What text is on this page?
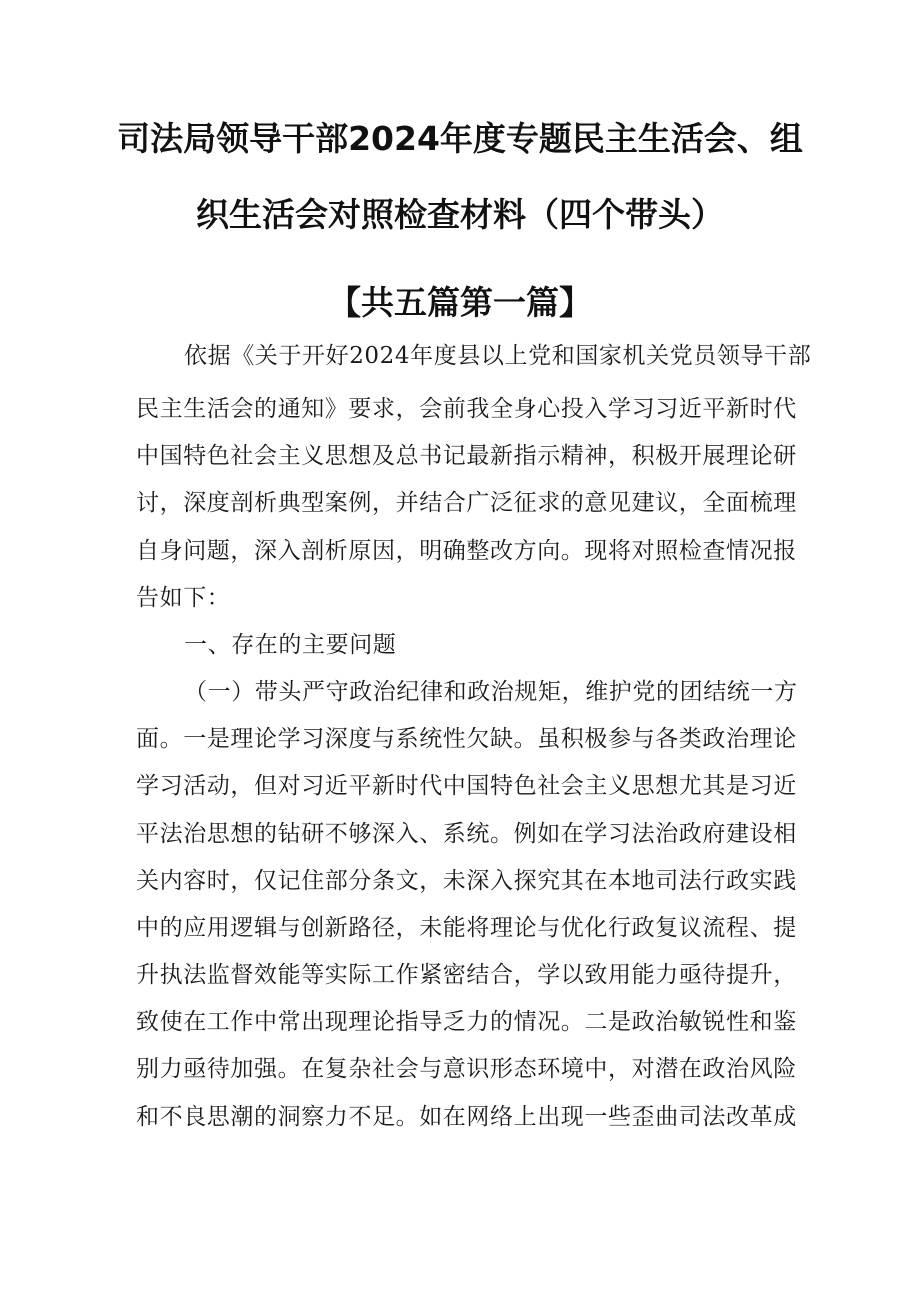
司法局领导干部2024年度专题民主生活会、组
织生活会对照检查材料（四个带头）
【共五篇第一篇】
依据《关于开好2024年度县以上党和国家机关党员领导干部
民主生活会的通知》要求，会前我全身心投入学习习近平新时代
中国特色社会主义思想及总书记最新指示精神，积极开展理论研
讨，深度剖析典型案例，并结合广泛征求的意见建议，全面梳理
自身问题，深入剖析原因，明确整改方向。现将对照检查情况报
告如下：
一、存在的主要问题
（一）带头严守政治纪律和政治规矩，维护党的团结统一方
面。一是理论学习深度与系统性欠缺。虽积极参与各类政治理论
学习活动，但对习近平新时代中国特色社会主义思想尤其是习近
平法治思想的钻研不够深入、系统。例如在学习法治政府建设相
关内容时，仅记住部分条文，未深入探究其在本地司法行政实践
中的应用逻辑与创新路径，未能将理论与优化行政复议流程、提
升执法监督效能等实际工作紧密结合，学以致用能力亟待提升，
致使在工作中常出现理论指导乏力的情况。二是政治敏锐性和鉴
别力亟待加强。在复杂社会与意识形态环境中，对潜在政治风险
和不良思潮的洞察力不足。如在网络上出现一些歪曲司法改革成
